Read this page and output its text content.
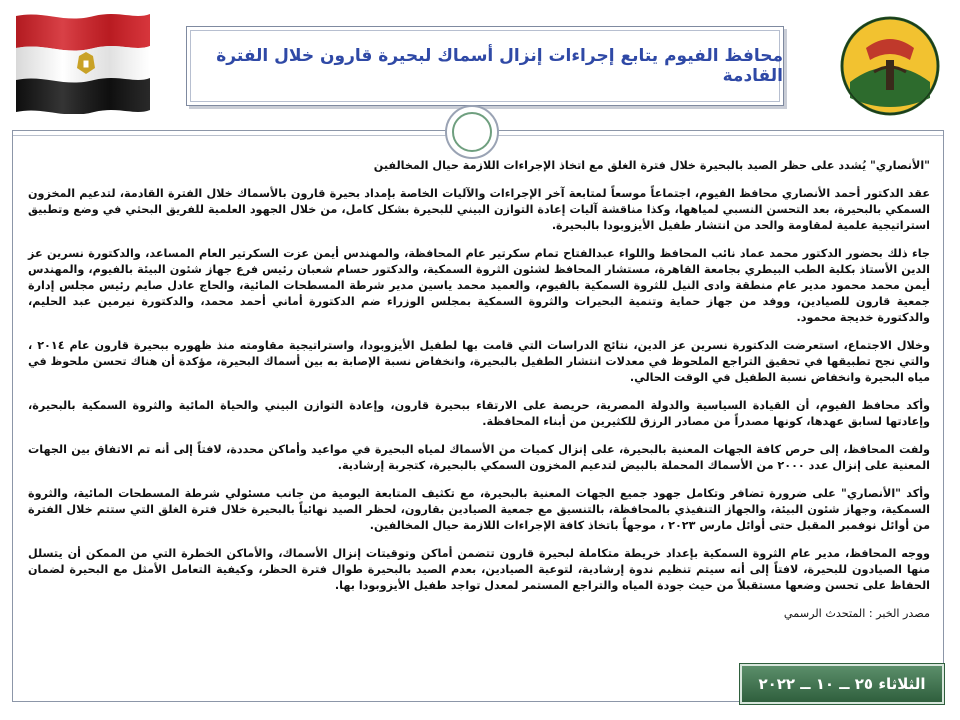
محافظ الفيوم يتابع إجراءات إنزال أسماك لبحيرة قارون خلال الفترة القادمة

"الأنصاري" يُشدد على حظر الصيد بالبحيرة خلال فترة الغلق مع اتخاذ الإجراءات اللازمة حيال المخالفين

عقد الدكتور أحمد الأنصاري محافظ الفيوم، اجتماعاً موسعاً لمتابعة آخر الإجراءات والآليات الخاصة بإمداد بحيرة قارون بالأسماك خلال الفترة القادمة، لتدعيم المخزون السمكي بالبحيرة، بعد التحسن النسبي لمياهها، وكذا مناقشة آليات إعادة التوازن البيني للبحيرة بشكل كامل، من خلال الجهود العلمية للفريق البحثي في وضع وتطبيق استراتيجية علمية لمقاومة والحد من انتشار طفيل الأيزوبودا بالبحيرة.

جاء ذلك بحضور الدكتور محمد عماد نائب المحافظ واللواء عبدالفتاح تمام سكرتير عام المحافظة، والمهندس أيمن عزت السكرتير العام المساعد، والدكتورة نسرين عز الدين الأستاذ بكلية الطب البيطري بجامعة القاهرة، مستشار المحافظ لشئون الثروة السمكية، والدكتور حسام شعبان رئيس فرع جهاز شئون البيئة بالفيوم، والمهندس أيمن محمد محمود مدير عام منطقة وادى النيل للثروة السمكية بالفيوم، والعميد محمد ياسين مدير شرطة المسطحات المائية، والحاج عادل صايم رئيس مجلس إدارة جمعية قارون للصيادين، ووفد من جهاز حماية وتنمية البحيرات والثروة السمكية بمجلس الوزراء ضم الدكتورة أماني أحمد محمد، والدكتورة نيرمين عبد الحليم، والدكتورة خديجة محمود.

وخلال الاجتماع، استعرضت الدكتورة نسرين عز الدين، نتائج الدراسات التي قامت بها لطفيل الأيزوبودا، واستراتيجية مقاومته منذ ظهوره ببحيرة قارون عام ٢٠١٤ ، والتي نجح تطبيقها في تحقيق التراجع الملحوظ في معدلات انتشار الطفيل بالبحيرة، وانخفاض نسبة الإصابة به بين أسماك البحيرة، مؤكدة أن هناك تحسن ملحوظ في مياه البحيرة وانخفاض نسبة الطفيل في الوقت الحالي.

وأكد محافظ الفيوم، أن القيادة السياسية والدولة المصرية، حريصة على الارتقاء ببحيرة قارون، وإعادة التوازن البيني والحياة المائية والثروة السمكية بالبحيرة، وإعادتها لسابق عهدها، كونها مصدراً من مصادر الرزق للكثيرين من أبناء المحافظة.

ولفت المحافظ، إلى حرص كافة الجهات المعنية بالبحيرة، على إنزال كميات من الأسماك لمياه البحيرة في مواعيد وأماكن محددة، لافتاً إلى أنه تم الاتفاق بين الجهات المعنية على إنزال عدد ٢٠٠٠ من الأسماك المحملة بالبيض لتدعيم المخزون السمكي بالبحيرة، كتجربة إرشادية.

وأكد "الأنصاري" على ضرورة تضافر وتكامل جهود جميع الجهات المعنية بالبحيرة، مع تكثيف المتابعة اليومية من جانب مسئولي شرطة المسطحات المائية، والثروة السمكية، وجهاز شئون البيئة، والجهاز التنفيذي بالمحافظة، بالتنسيق مع جمعية الصيادين بقارون، لحظر الصيد نهائياً بالبحيرة خلال فترة الغلق التي ستتم خلال الفترة من أوائل نوفمبر المقبل حتى أوائل مارس ٢٠٢٣ ، موجهاً باتخاذ كافة الإجراءات اللازمة حيال المخالفين.

ووجه المحافظ، مدير عام الثروة السمكية بإعداد خريطة متكاملة لبحيرة قارون تتضمن أماكن وتوقيتات إنزال الأسماك، والأماكن الخطرة التي من الممكن أن يتسلل منها الصيادون للبحيرة، لافتاً إلى أنه سيتم تنظيم ندوة إرشادية، لتوعية الصيادين، بعدم الصيد بالبحيرة طوال فترة الحظر، وكيفية التعامل الأمثل مع البحيرة لضمان الحفاظ على تحسن وضعها مستقبلاً من حيث جودة المياه والتراجع المستمر لمعدل تواجد طفيل الأيزوبودا بها.

مصدر الخبر : المتحدث الرسمي

الثلاثاء ٢٥ ــ ١٠ ــ ٢٠٢٢
